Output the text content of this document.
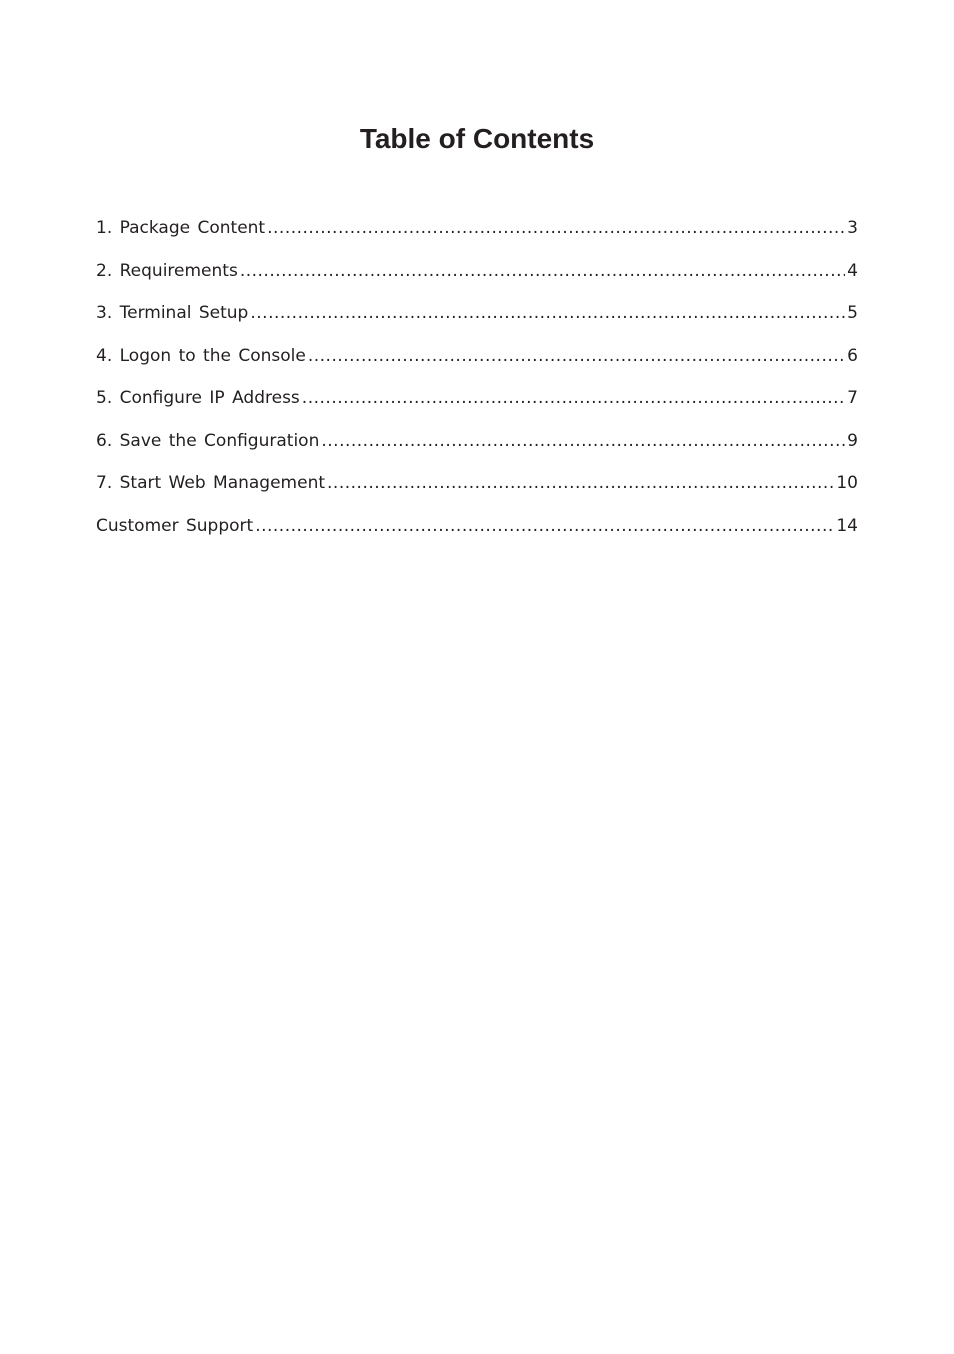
Table of Contents
1. Package Content .....	3
2. Requirements .....	4
3. Terminal Setup .....	5
4. Logon to the Console .....	6
5. Configure IP Address .....	7
6. Save the Configuration .....	9
7. Start Web Management .....	10
Customer Support .....	14
